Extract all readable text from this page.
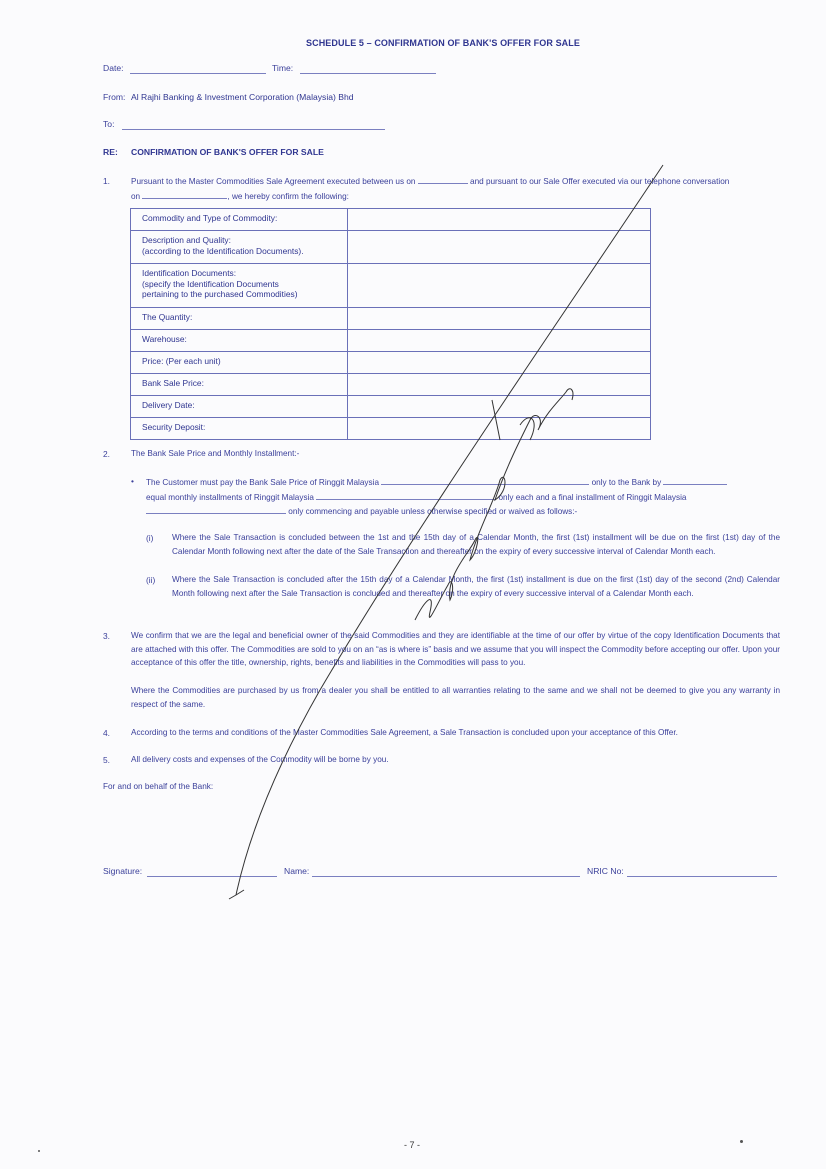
SCHEDULE 5 – CONFIRMATION OF BANK'S OFFER FOR SALE
Date:	Time:
From: Al Rajhi Banking & Investment Corporation (Malaysia) Bhd
To:
RE: CONFIRMATION OF BANK'S OFFER FOR SALE
1.	Pursuant to the Master Commodities Sale Agreement executed between us on	and pursuant to our Sale Offer executed via our telephone conversation
on	, we hereby confirm the following:
Commodity and Type of Commodity:	
Description and Quality:
(according to the Identification Documents).	
Identification Documents:
(specify the Identification Documents
pertaining to the purchased Commodities)	
The Quantity:	
Warehouse:	
Price: (Per each unit)	
Bank Sale Price:	
Delivery Date:	
Security Deposit:	
2.	The Bank Sale Price and Monthly Installment:-
• The Customer must pay the Bank Sale Price of Ringgit Malaysia	only to the Bank by
equal monthly installments of Ringgit Malaysia	only each and a final installment of Ringgit Malaysia
only commencing and payable unless otherwise specified or waived as follows:-
(i) Where the Sale Transaction is concluded between the 1st and the 15th day of a Calendar Month, the first (1st) installment will be due on the first (1st) day of the Calendar Month following next after the date of the Sale Transaction and thereafter on the expiry of every successive interval of Calendar Month each.
(ii) Where the Sale Transaction is concluded after the 15th day of a Calendar Month, the first (1st) installment is due on the first (1st) day of the second (2nd) Calendar Month following next after the Sale Transaction is concluded and thereafter on the expiry of every successive interval of a Calendar Month each.
3.	We confirm that we are the legal and beneficial owner of the said Commodities and they are identifiable at the time of our offer by virtue of the copy Identification Documents that are attached with this offer. The Commodities are sold to you on an “as is where is” basis and we assume that you will inspect the Commodity before accepting our offer. Upon your acceptance of this offer the title, ownership, rights, benefits and liabilities in the Commodities will pass to you.
Where the Commodities are purchased by us from a dealer you shall be entitled to all warranties relating to the same and we shall not be deemed to give you any warranty in respect of the same.
4.	According to the terms and conditions of the Master Commodities Sale Agreement, a Sale Transaction is concluded upon your acceptance of this Offer.
5.	All delivery costs and expenses of the Commodity will be borne by you.
For and on behalf of the Bank:
Signature:	Name:	NRIC No:
- 7 -
